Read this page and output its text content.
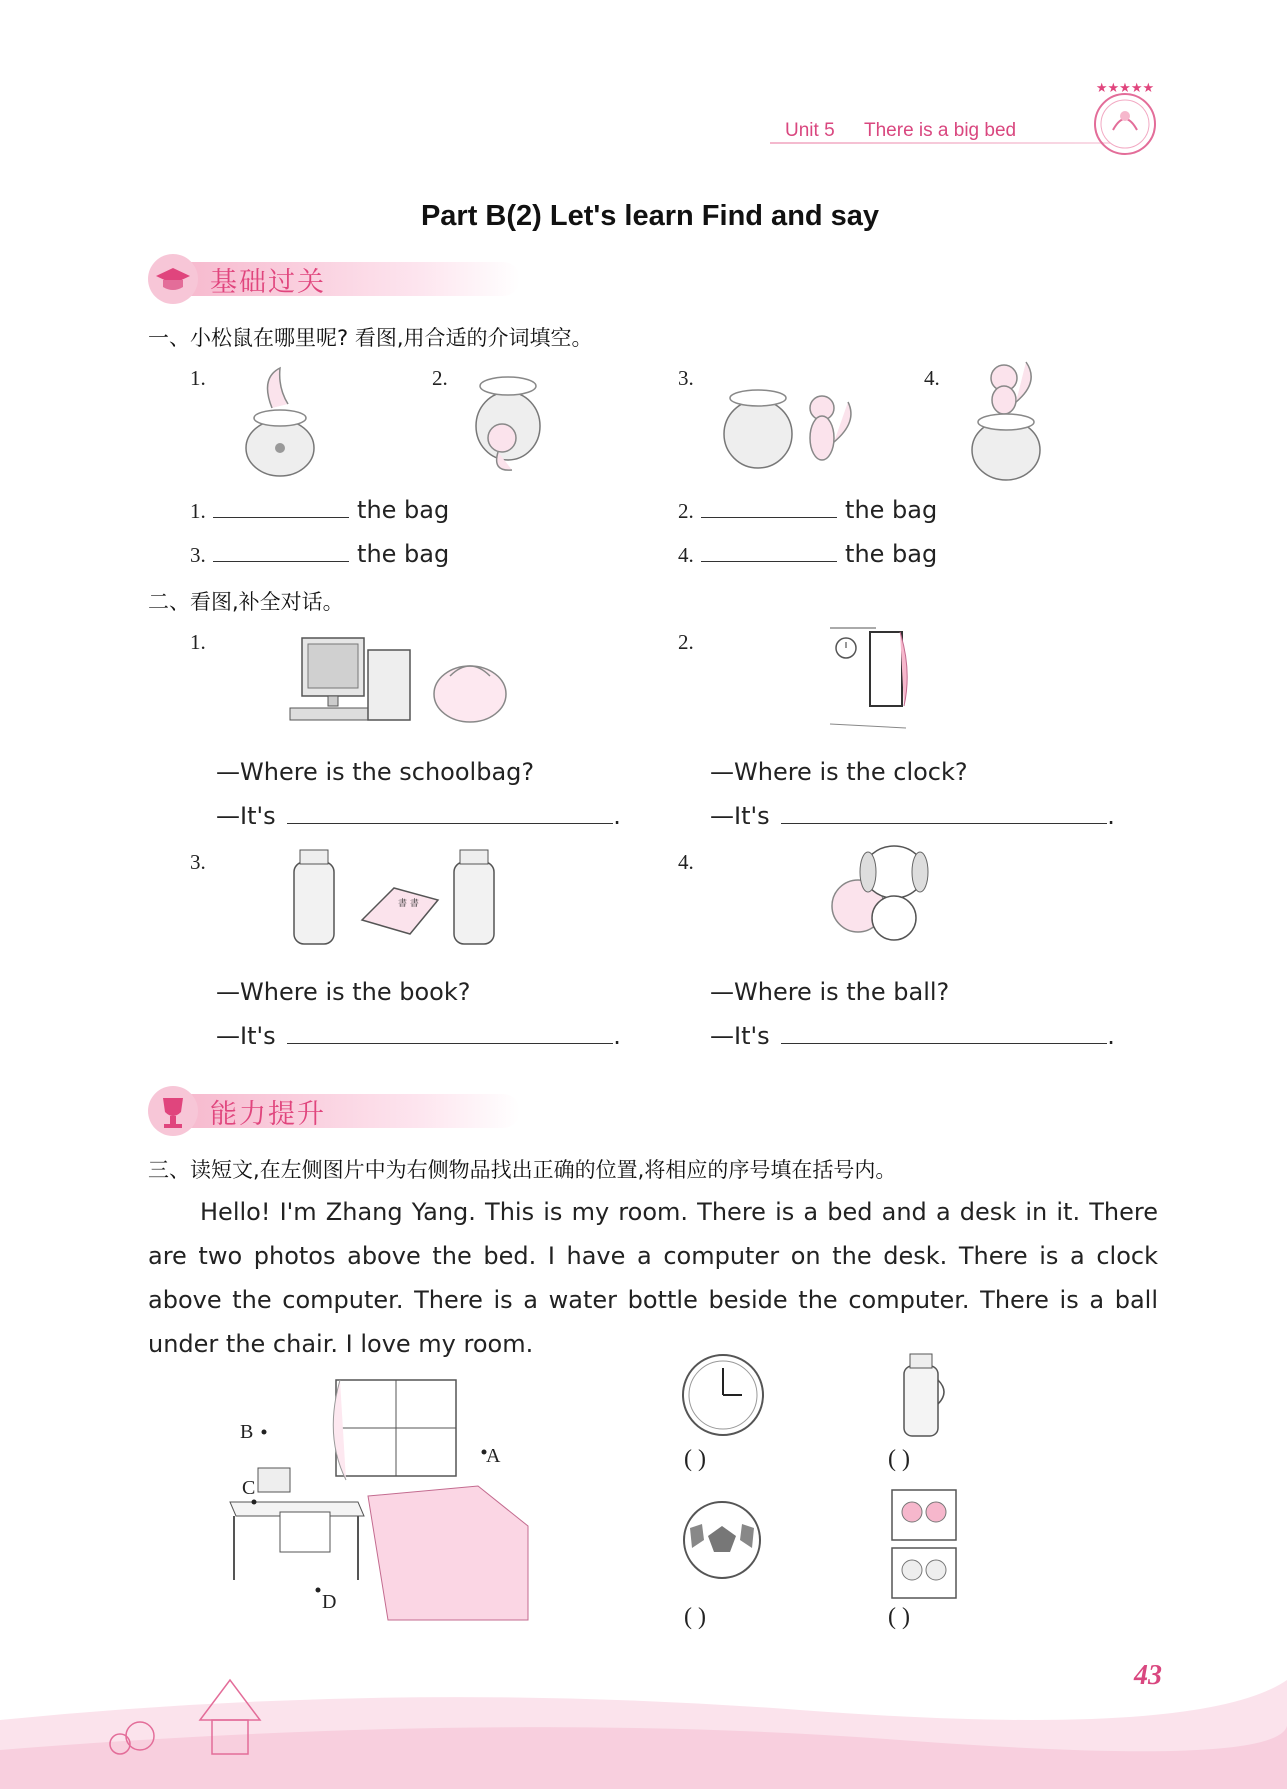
Unit 5 There is a big bed
★★★★★
Part B(2) Let's learn Find and say
基础过关
一、小松鼠在哪里呢? 看图,用合适的介词填空。
1.	2.	3.	4.
1.	the bag	2.	the bag
3.	the bag	4.	the bag
二、看图,补全对话。
1.	2.
—Where is the schoolbag?	—Where is the clock?
—It's	.	—It's	.
3.	4.
書 書
—Where is the book?	—Where is the ball?
—It's	.	—It's	.
能力提升
三、读短文,在左侧图片中为右侧物品找出正确的位置,将相应的序号填在括号内。
Hello! I'm Zhang Yang. This is my room. There is a bed and a desk in it. There are two photos above the bed. I have a computer on the desk. There is a clock above the computer. There is a water bottle beside the computer. There is a ball under the chair. I love my room.
B
A
C
D
( )	( )
( )	( )
43
